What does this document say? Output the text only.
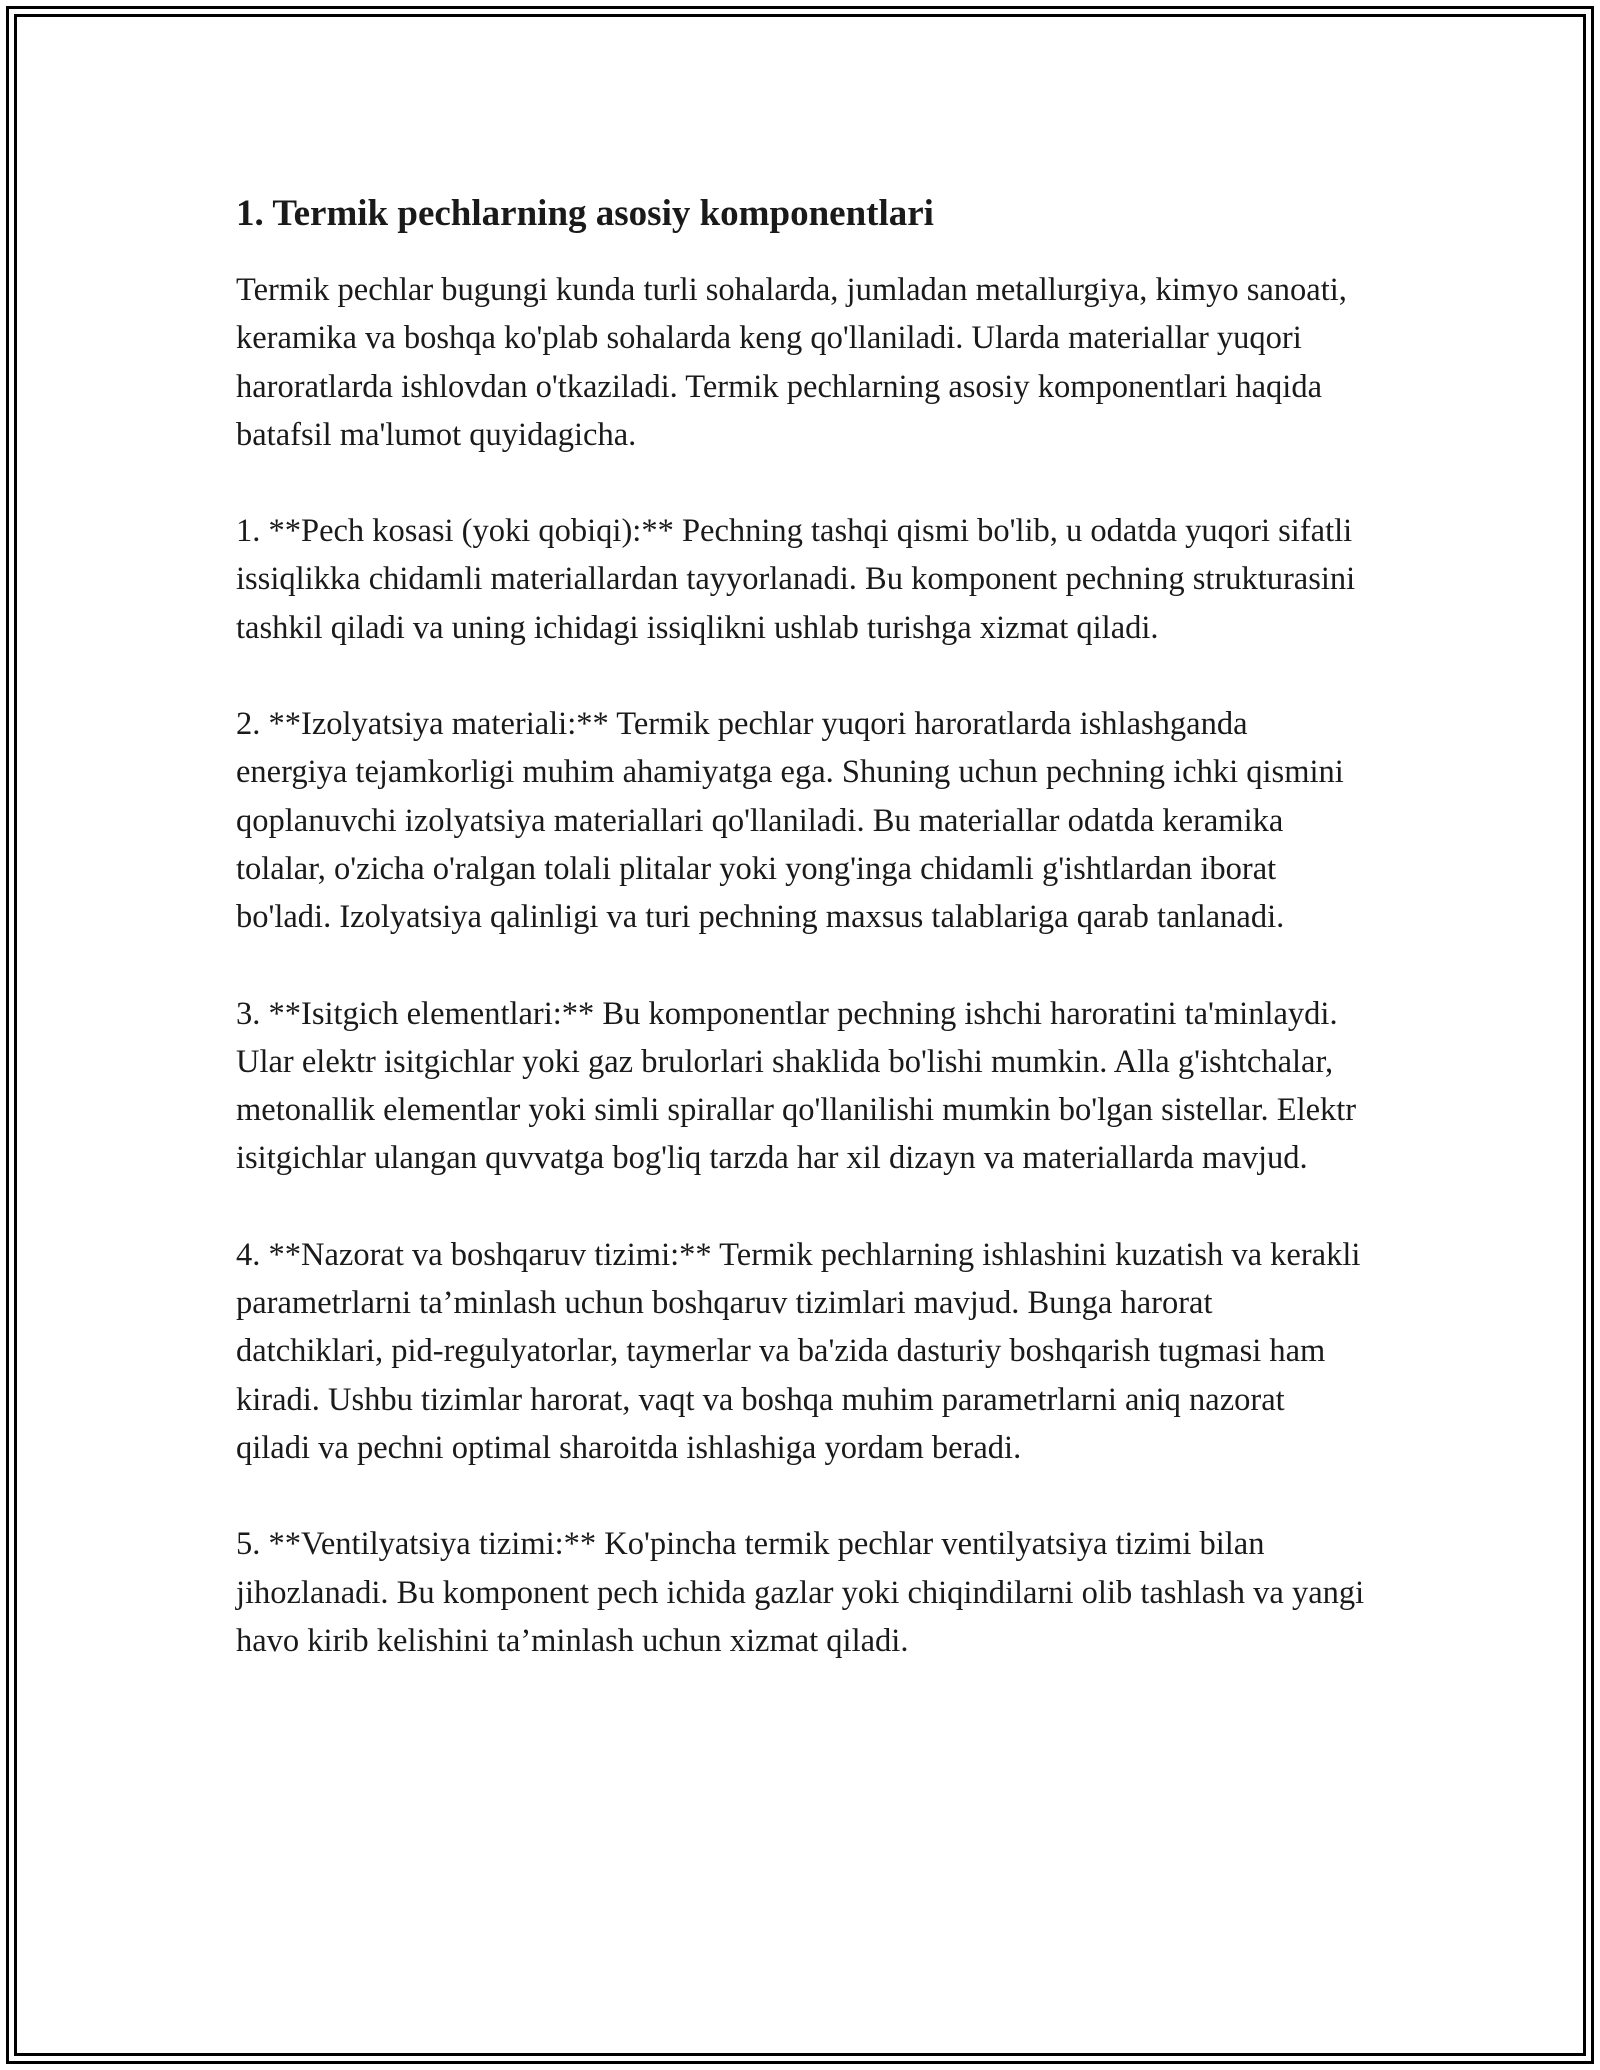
1. Termik pechlarning asosiy komponentlari

Termik pechlar bugungi kunda turli sohalarda, jumladan metallurgiya, kimyo sanoati, keramika va boshqa ko'plab sohalarda keng qo'llaniladi. Ularda materiallar yuqori haroratlarda ishlovdan o'tkaziladi. Termik pechlarning asosiy komponentlari haqida batafsil ma'lumot quyidagicha.

1. **Pech kosasi (yoki qobiqi):** Pechning tashqi qismi bo'lib, u odatda yuqori sifatli issiqlikka chidamli materiallardan tayyorlanadi. Bu komponent pechning strukturasini tashkil qiladi va uning ichidagi issiqlikni ushlab turishga xizmat qiladi.

2. **Izolyatsiya materiali:** Termik pechlar yuqori haroratlarda ishlashganda energiya tejamkorligi muhim ahamiyatga ega. Shuning uchun pechning ichki qismini qoplanuvchi izolyatsiya materiallari qo'llaniladi. Bu materiallar odatda keramika tolalar, o'zicha o'ralgan tolali plitalar yoki yong'inga chidamli g'ishtlardan iborat bo'ladi. Izolyatsiya qalinligi va turi pechning maxsus talablariga qarab tanlanadi.

3. **Isitgich elementlari:** Bu komponentlar pechning ishchi haroratini ta'minlaydi. Ular elektr isitgichlar yoki gaz brulorlari shaklida bo'lishi mumkin. Alla g'ishtchalar, metonallik elementlar yoki simli spirallar qo'llanilishi mumkin bo'lgan sistellar. Elektr isitgichlar ulangan quvvatga bog'liq tarzda har xil dizayn va materiallarda mavjud.

4. **Nazorat va boshqaruv tizimi:** Termik pechlarning ishlashini kuzatish va kerakli parametrlarni ta’minlash uchun boshqaruv tizimlari mavjud. Bunga harorat datchiklari, pid-regulyatorlar, taymerlar va ba'zida dasturiy boshqarish tugmasi ham kiradi. Ushbu tizimlar harorat, vaqt va boshqa muhim parametrlarni aniq nazorat qiladi va pechni optimal sharoitda ishlashiga yordam beradi.

5. **Ventilyatsiya tizimi:** Ko'pincha termik pechlar ventilyatsiya tizimi bilan jihozlanadi. Bu komponent pech ichida gazlar yoki chiqindilarni olib tashlash va yangi havo kirib kelishini ta’minlash uchun xizmat qiladi.
